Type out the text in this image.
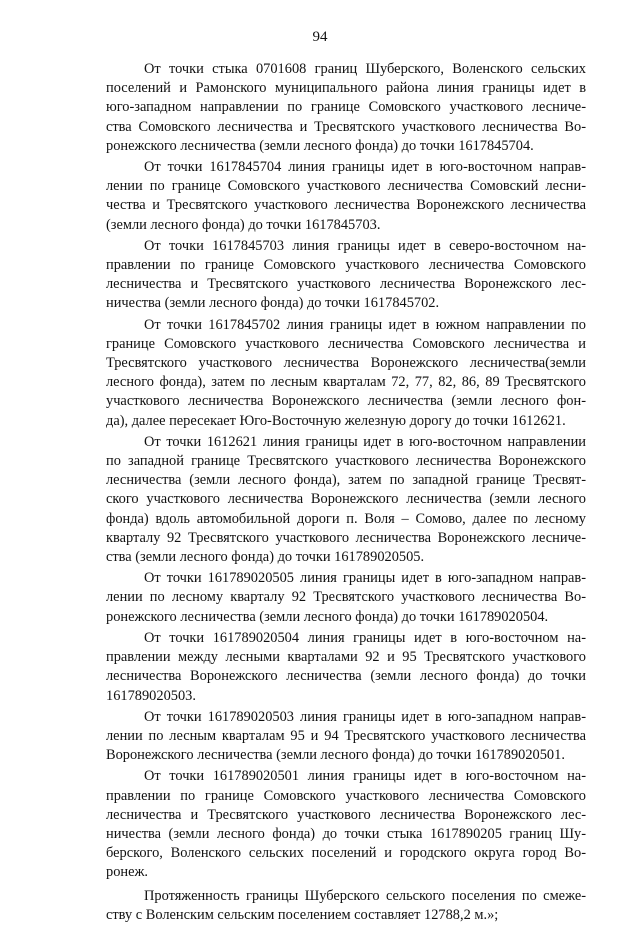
94
От точки стыка 0701608 границ Шуберского, Воленского сельских
поселений и Рамонского муниципального района линия границы идет в
юго-западном направлении по границе Сомовского участкового лесниче-
ства Сомовского лесничества и Тресвятского участкового лесничества Во-
ронежского лесничества (земли лесного фонда) до точки 1617845704.
От точки 1617845704 линия границы идет в юго-восточном направ-
лении по границе Сомовского участкового лесничества Сомовский лесни-
чества и Тресвятского участкового лесничества Воронежского лесничества
(земли лесного фонда) до точки 1617845703.
От точки 1617845703 линия границы идет в северо-восточном на-
правлении по границе Сомовского участкового лесничества Сомовского
лесничества и Тресвятского участкового лесничества Воронежского лес-
ничества (земли лесного фонда) до точки 1617845702.
От точки 1617845702 линия границы идет в южном направлении по
границе Сомовского участкового лесничества Сомовского лесничества и
Тресвятского участкового лесничества Воронежского лесничества(земли
лесного фонда), затем по лесным кварталам 72, 77, 82, 86, 89 Тресвятского
участкового лесничества Воронежского лесничества (земли лесного фон-
да), далее пересекает Юго-Восточную железную дорогу до точки 1612621.
От точки 1612621 линия границы идет в юго-восточном направлении
по западной границе Тресвятского участкового лесничества Воронежского
лесничества (земли лесного фонда), затем по западной границе Тресвят-
ского участкового лесничества Воронежского лесничества (земли лесного
фонда) вдоль автомобильной дороги п. Воля – Сомово, далее по лесному
кварталу 92 Тресвятского участкового лесничества Воронежского лесниче-
ства (земли лесного фонда) до точки 161789020505.
От точки 161789020505 линия границы идет в юго-западном направ-
лении по лесному кварталу 92 Тресвятского участкового лесничества Во-
ронежского лесничества (земли лесного фонда) до точки 161789020504.
От точки 161789020504 линия границы идет в юго-восточном на-
правлении между лесными кварталами 92 и 95 Тресвятского участкового
лесничества Воронежского лесничества (земли лесного фонда) до точки
161789020503.
От точки 161789020503 линия границы идет в юго-западном направ-
лении по лесным кварталам 95 и 94 Тресвятского участкового лесничества
Воронежского лесничества (земли лесного фонда) до точки 161789020501.
От точки 161789020501 линия границы идет в юго-восточном на-
правлении по границе Сомовского участкового лесничества Сомовского
лесничества и Тресвятского участкового лесничества Воронежского лес-
ничества (земли лесного фонда) до точки стыка 1617890205 границ Шу-
берского, Воленского сельских поселений и городского округа город Во-
ронеж.
Протяженность границы Шуберского сельского поселения по смеже-
ству с Воленским сельским поселением составляет 12788,2 м.»;
